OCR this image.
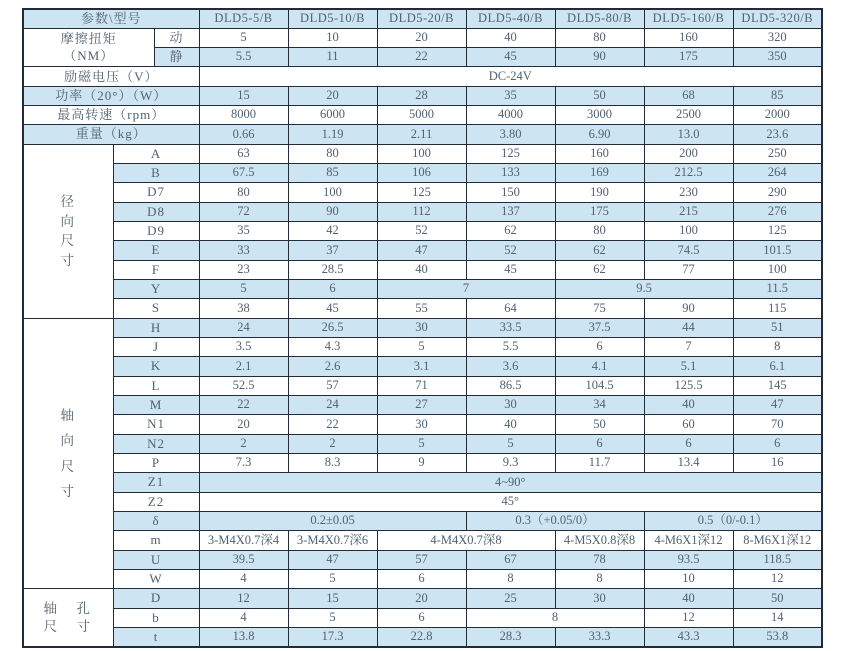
参数\型号			DLD5-5/B	DLD5-10/B	DLD5-20/B	DLD5-40/B	DLD5-80/B	DLD5-160/B	DLD5-320/B

摩擦扭矩
（NM）		动	5	10	20	40	80	160	320
		静	5.5	11	22	45	90	175	350
励磁电压（V）			DC-24V						
功率（20°）（W）			15	20	28	35	50	68	85
最高转速（rpm）			8000	6000	5000	4000	3000	2500	2000
重量（kg）			0.66	1.19	2.11	3.80	6.90	13.0	23.6

径
向
尺
寸	A		63	80	100	125	160	200	250
	B		67.5	85	106	133	169	212.5	264
	D7		80	100	125	150	190	230	290
	D8		72	90	112	137	175	215	276
	D9		35	42	52	62	80	100	125
	E		33	37	47	52	62	74.5	101.5
	F		23	28.5	40	45	62	77	100
	Y		5	6	7		9.5		11.5
	S		38	45	55	64	75	90	115

轴
向
尺
寸	H		24	26.5	30	33.5	37.5	44	51
	J		3.5	4.3	5	5.5	6	7	8
	K		2.1	2.6	3.1	3.6	4.1	5.1	6.1
	L		52.5	57	71	86.5	104.5	125.5	145
	M		22	24	27	30	34	40	47
	N1		20	22	30	40	50	60	70
	N2		2	2	5	5	6	6	6
	P		7.3	8.3	9	9.3	11.7	13.4	16
	Z1		4~90°						
	Z2		45°						
	δ		0.2±0.05			0.3（+0.05/0）		0.5（0/-0.1）	
	m		3-M4X0.7深4	3-M4X0.7深6	4-M4X0.7深8		4-M5X0.8深8	4-M6X1深12	8-M6X1深12
	U		39.5	47	57	67	78	93.5	118.5
	W		4	5	6	8	8	10	12

轴　孔
尺　寸	D		12	15	20	25	30	40	50
	b		4	5	6	8		12	14
	t		13.8	17.3	22.8	28.3	33.3	43.3	53.8
